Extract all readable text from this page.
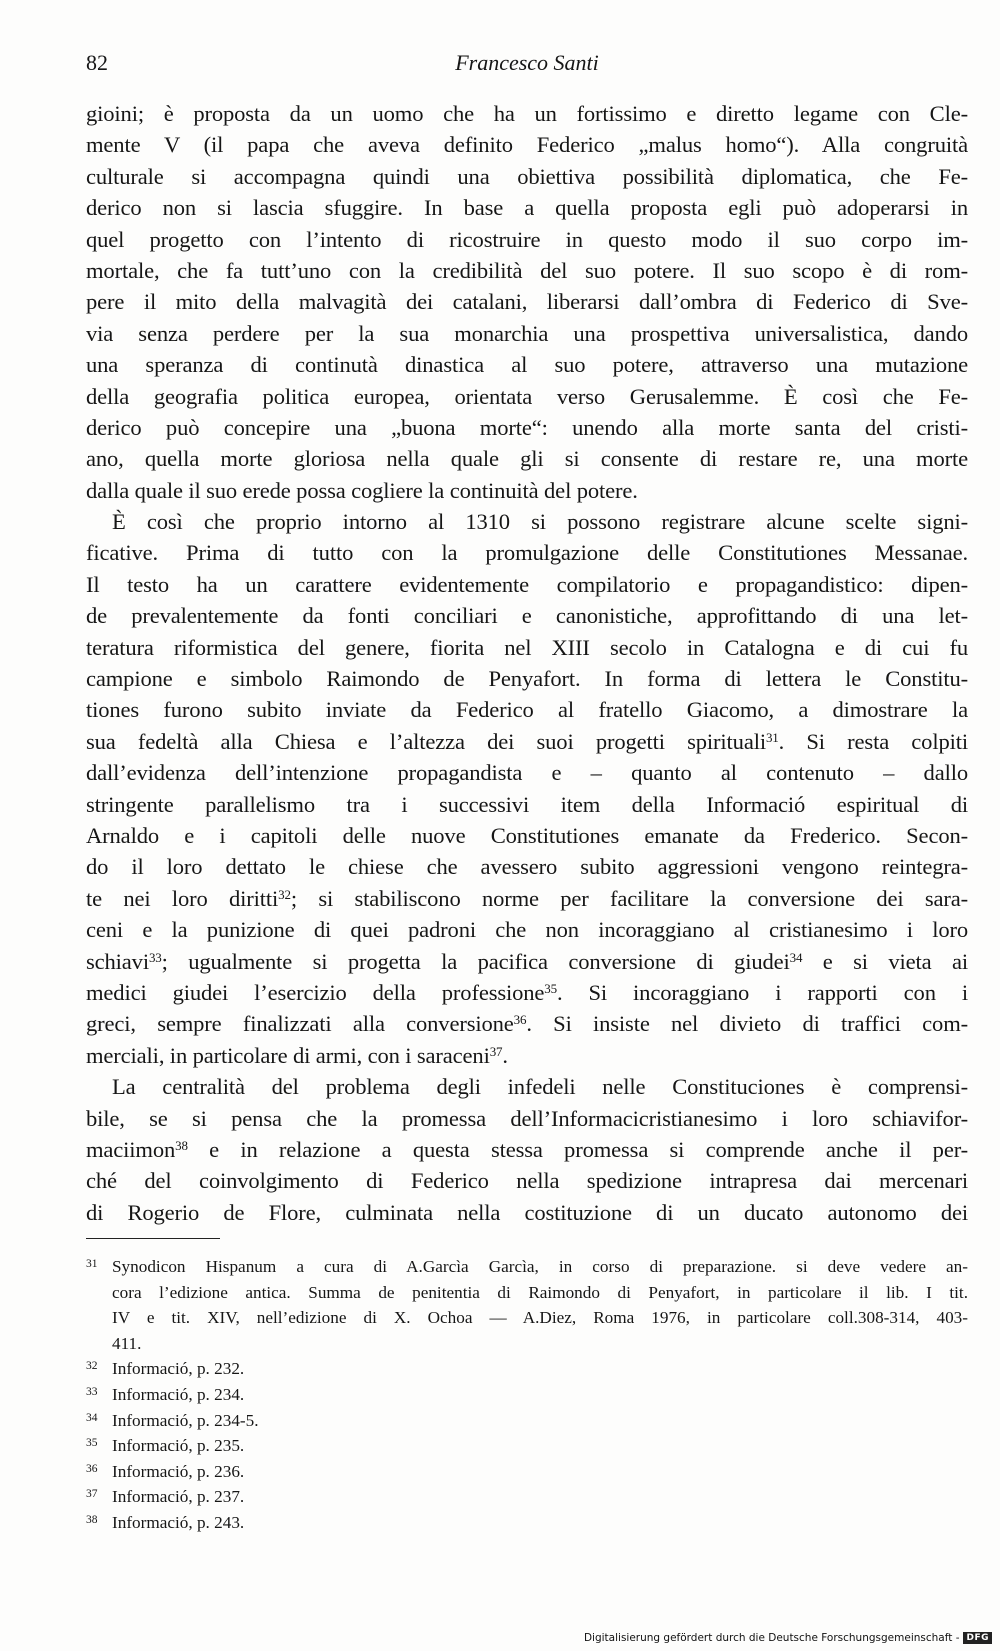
82	Francesco Santi
gioini; è proposta da un uomo che ha un fortissimo e diretto legame con Cle-
mente V (il papa che aveva definito Federico „malus homo“). Alla congruità
culturale si accompagna quindi una obiettiva possibilità diplomatica, che Fe-
derico non si lascia sfuggire. In base a quella proposta egli può adoperarsi in
quel progetto con l’intento di ricostruire in questo modo il suo corpo im-
mortale, che fa tutt’uno con la credibilità del suo potere. Il suo scopo è di rom-
pere il mito della malvagità dei catalani, liberarsi dall’ombra di Federico di Sve-
via senza perdere per la sua monarchia una prospettiva universalistica, dando
una speranza di continutà dinastica al suo potere, attraverso una mutazione
della geografia politica europea, orientata verso Gerusalemme. È così che Fe-
derico può concepire una „buona morte“: unendo alla morte santa del cristi-
ano, quella morte gloriosa nella quale gli si consente di restare re, una morte
dalla quale il suo erede possa cogliere la continuità del potere.
È così che proprio intorno al 1310 si possono registrare alcune scelte signi-
ficative. Prima di tutto con la promulgazione delle Constitutiones Messanae.
Il testo ha un carattere evidentemente compilatorio e propagandistico: dipen-
de prevalentemente da fonti conciliari e canonistiche, approfittando di una let-
teratura riformistica del genere, fiorita nel XIII secolo in Catalogna e di cui fu
campione e simbolo Raimondo de Penyafort. In forma di lettera le Constitu-
tiones furono subito inviate da Federico al fratello Giacomo, a dimostrare la
sua fedeltà alla Chiesa e l’altezza dei suoi progetti spirituali$^{31}$. Si resta colpiti
dall’evidenza dell’intenzione propagandista e – quanto al contenuto – dallo
stringente parallelismo tra i successivi item della Informació espiritual di
Arnaldo e i capitoli delle nuove Constitutiones emanate da Frederico. Secon-
do il loro dettato le chiese che avessero subito aggressioni vengono reintegra-
te nei loro diritti$^{32}$; si stabiliscono norme per facilitare la conversione dei sara-
ceni e la punizione di quei padroni che non incoraggiano al cristianesimo i loro
schiavi$^{33}$; ugualmente si progetta la pacifica conversione di giudei$^{34}$ e si vieta ai
medici giudei l’esercizio della professione$^{35}$. Si incoraggiano i rapporti con i
greci, sempre finalizzati alla conversione$^{36}$. Si insiste nel divieto di traffici com-
merciali, in particolare di armi, con i saraceni$^{37}$.
La centralità del problema degli infedeli nelle Constituciones è comprensi-
bile, se si pensa che la promessa dell’Informacicristianesimo i loro schiavifor-
maciimon$^{38}$ e in relazione a questa stessa promessa si comprende anche il per-
ché del coinvolgimento di Federico nella spedizione intrapresa dai mercenari
di Rogerio de Flore, culminata nella costituzione di un ducato autonomo dei
31 Synodicon Hispanum a cura di A.Garcìa Garcìa, in corso di preparazione. si deve vedere an-
cora l’edizione antica. Summa de penitentia di Raimondo di Penyafort, in particolare il lib. I tit.
IV e tit. XIV, nell’edizione di X. Ochoa — A.Diez, Roma 1976, in particolare coll.308-314, 403-
411.
32 Informació, p. 232.
33 Informació, p. 234.
34 Informació, p. 234-5.
35 Informació, p. 235.
36 Informació, p. 236.
37 Informació, p. 237.
38 Informació, p. 243.
Digitalisierung gefördert durch die Deutsche Forschungsgemeinschaft - DFG
